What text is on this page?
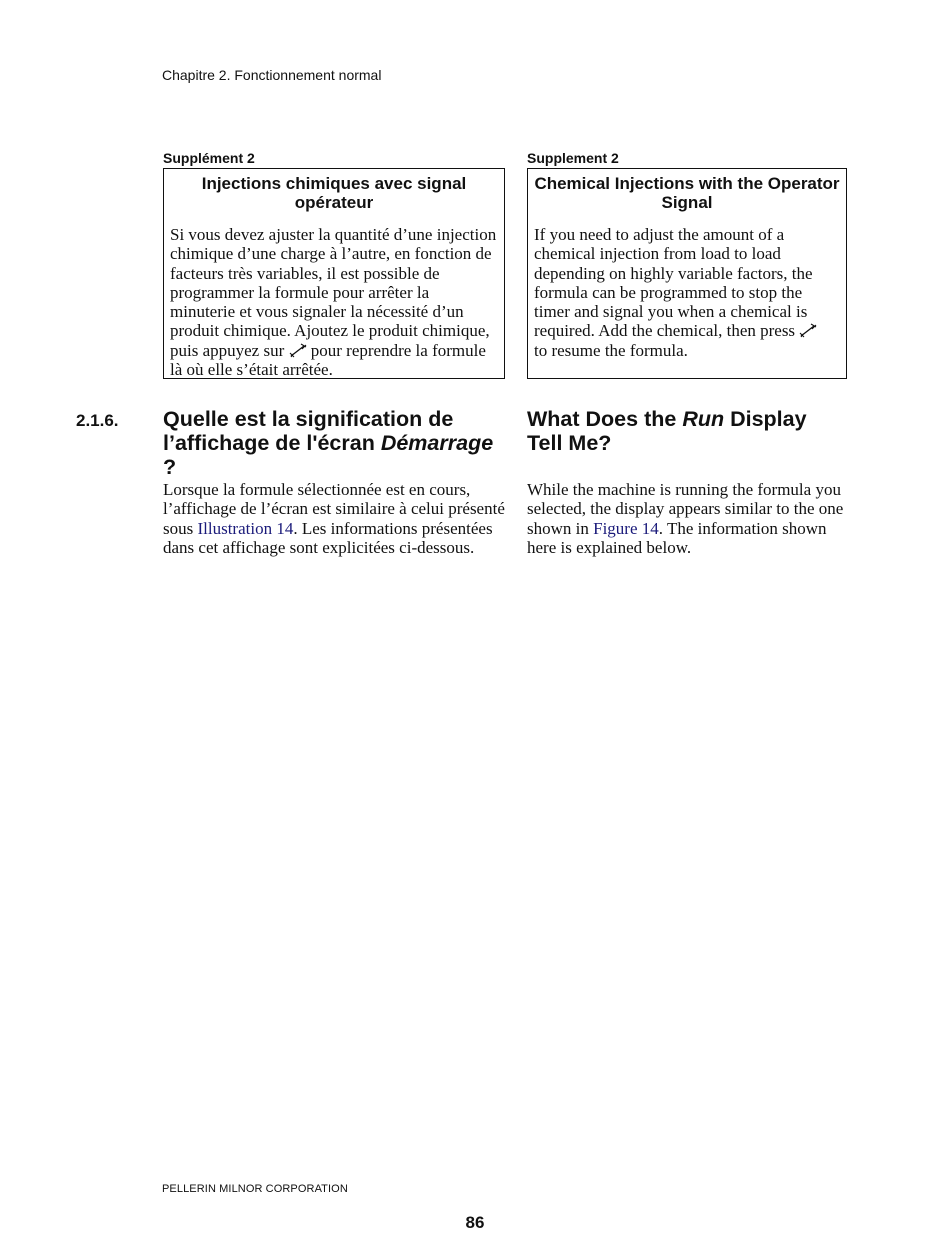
Chapitre 2. Fonctionnement normal
Supplément 2
Injections chimiques avec signal opérateur
Si vous devez ajuster la quantité d’une injection chimique d’une charge à l’autre, en fonction de facteurs très variables, il est possible de programmer la formule pour arrêter la minuterie et vous signaler la nécessité d’un produit chimique. Ajoutez le produit chimique, puis appuyez sur pour reprendre la formule là où elle s’était arrêtée.
Supplement 2
Chemical Injections with the Operator Signal
If you need to adjust the amount of a chemical injection from load to load depending on highly variable factors, the formula can be programmed to stop the timer and signal you when a chemical is required. Add the chemical, then press
to resume the formula.
2.1.6. Quelle est la signification de l’affichage de l'écran Démarrage
?
What Does the Run Display Tell Me?
Lorsque la formule sélectionnée est en cours, l’affichage de l’écran est similaire à celui présenté sous Illustration 14. Les informations présentées dans cet affichage sont explicitées ci-dessous.
While the machine is running the formula you selected, the display appears similar to the one shown in Figure 14. The information shown here is explained below.
PELLERIN MILNOR CORPORATION
86
